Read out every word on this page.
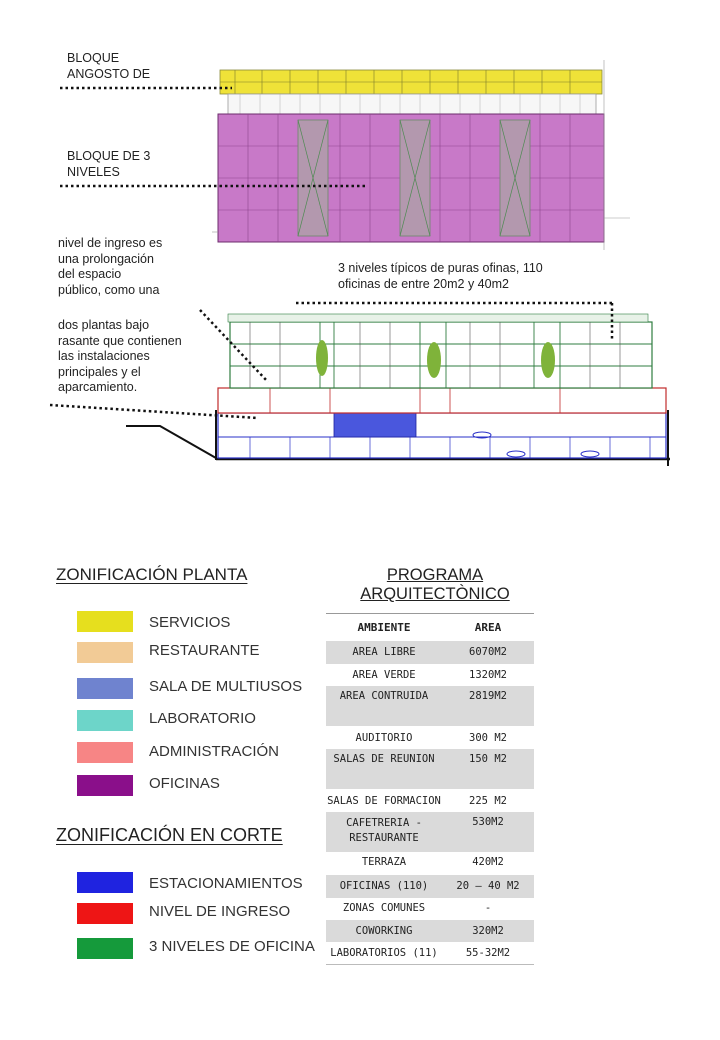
BLOQUE
ANGOSTO DE
BLOQUE DE 3
NIVELES
nivel de ingreso es
una prolongación
del espacio
público, como una
3 niveles típicos de puras ofinas, 110
oficinas de entre 20m2 y 40m2
dos plantas bajo
rasante que contienen
las instalaciones
principales y el
aparcamiento.
ZONIFICACIÓN PLANTA
SERVICIOS
RESTAURANTE
SALA DE MULTIUSOS
LABORATORIO
ADMINISTRACIÓN
OFICINAS
ZONIFICACIÓN EN CORTE
ESTACIONAMIENTOS
NIVEL DE INGRESO
3 NIVELES DE OFICINA
PROGRAMA
ARQUITECTÒNICO
AMBIENTE	AREA
AREA LIBRE	6070M2
AREA VERDE	1320M2
AREA CONTRUIDA	2819M2
AUDITORIO	300 M2
SALAS DE REUNION	150 M2
SALAS DE FORMACION	225 M2
CAFETRERIA -
RESTAURANTE	530M2
TERRAZA	420M2
OFICINAS (110)	20 – 40 M2
ZONAS COMUNES	-
COWORKING	320M2
LABORATORIOS (11)	55-32M2
